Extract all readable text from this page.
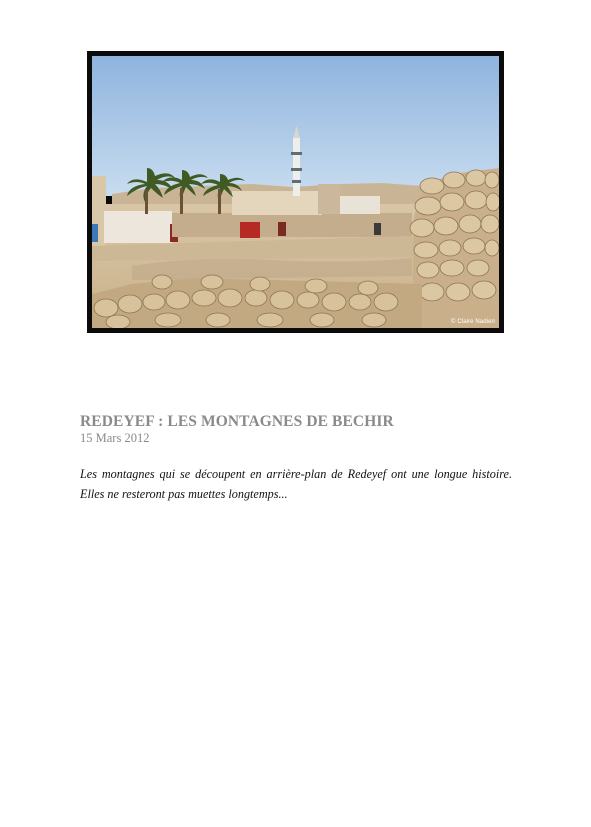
© Claire Nadien
REDEYEF : LES MONTAGNES DE BECHIR

15 Mars 2012

Les montagnes qui se découpent en arrière-plan de Redeyef ont une longue histoire. Elles ne resteront pas muettes longtemps...
